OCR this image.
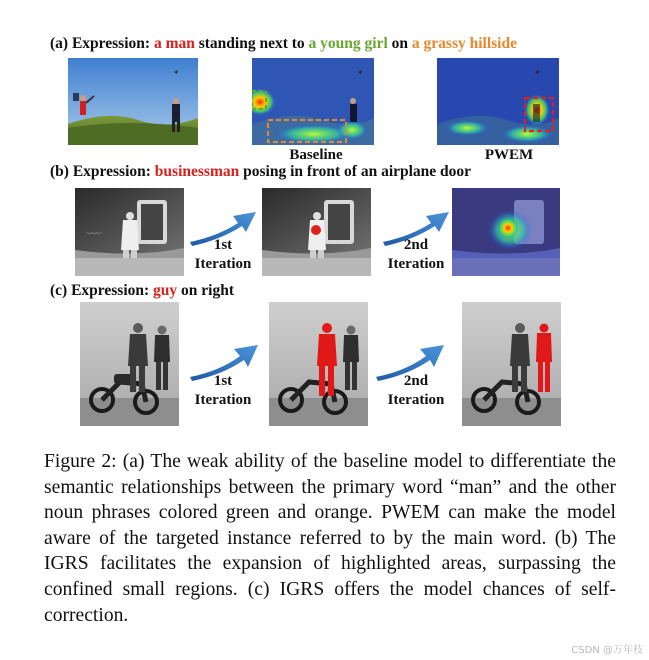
(a) Expression: a man standing next to a young girl on a grassy hillside
Baseline	PWEM
(b) Expression: businessman posing in front of an airplane door
‿‿‿
1st
Iteration
2nd
Iteration
(c) Expression: guy on right
1st
Iteration
2nd
Iteration
Figure 2: (a) The weak ability of the baseline model to differentiate the semantic relationships between the primary word “man” and the other noun phrases colored green and orange. PWEM can make the model aware of the targeted instance referred to by the main word. (b) The IGRS facilitates the expansion of highlighted areas, surpassing the confined small regions. (c) IGRS offers the model chances of self-correction.
CSDN @万年枝
